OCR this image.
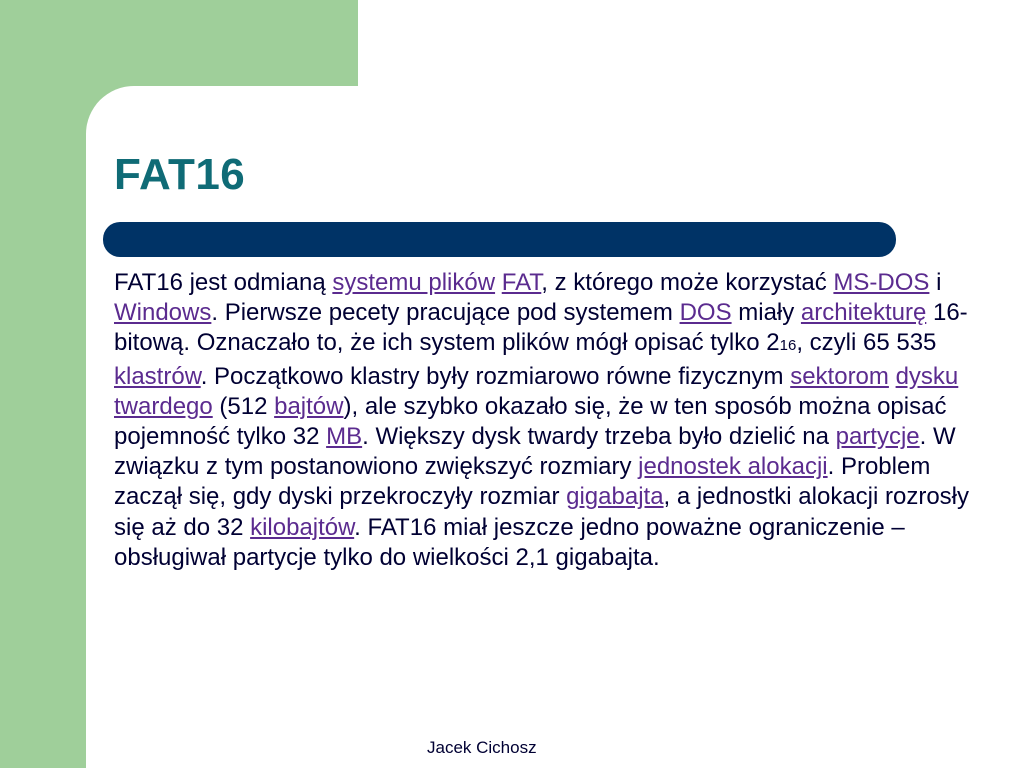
FAT16

FAT16 jest odmianą systemu plików FAT, z którego może korzystać MS-DOS i Windows. Pierwsze pecety pracujące pod systemem DOS miały architekturę 16-bitową. Oznaczało to, że ich system plików mógł opisać tylko 216, czyli 65 535 klastrów. Początkowo klastry były rozmiarowo równe fizycznym sektorom dysku twardego (512 bajtów), ale szybko okazało się, że w ten sposób można opisać pojemność tylko 32 MB. Większy dysk twardy trzeba było dzielić na partycje. W związku z tym postanowiono zwiększyć rozmiary jednostek alokacji. Problem zaczął się, gdy dyski przekroczyły rozmiar gigabajta, a jednostki alokacji rozrosły się aż do 32 kilobajtów. FAT16 miał jeszcze jedno poważne ograniczenie – obsługiwał partycje tylko do wielkości 2,1 gigabajta.

Jacek Cichosz
